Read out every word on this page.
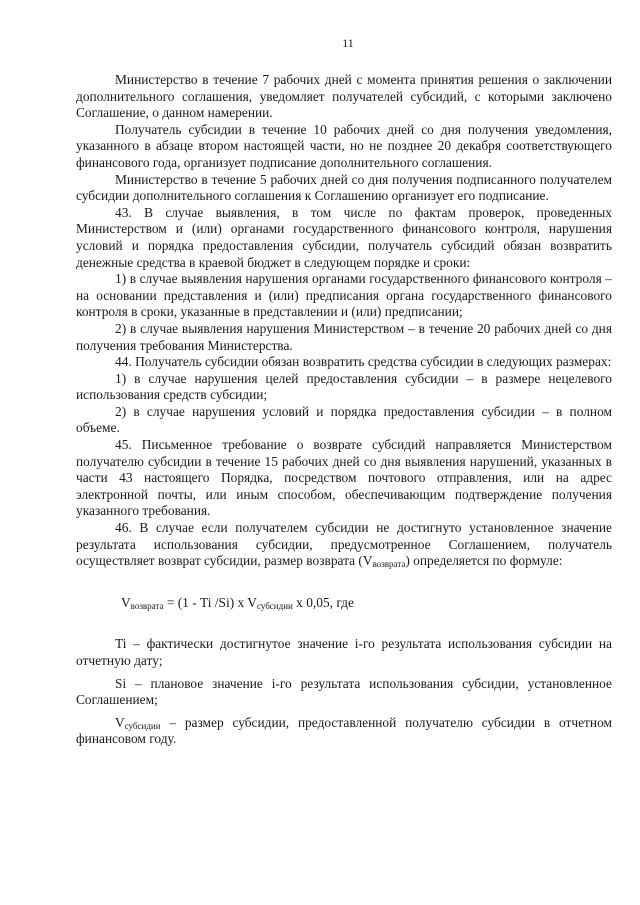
11

Министерство в течение 7 рабочих дней с момента принятия решения о заключении дополнительного соглашения, уведомляет получателей субсидий, с которыми заключено Соглашение, о данном намерении.

Получатель субсидии в течение 10 рабочих дней со дня получения уведомления, указанного в абзаце втором настоящей части, но не позднее 20 декабря соответствующего финансового года, организует подписание дополнительного соглашения.

Министерство в течение 5 рабочих дней со дня получения подписанного получателем субсидии дополнительного соглашения к Соглашению организует его подписание.

43. В случае выявления, в том числе по фактам проверок, проведенных Министерством и (или) органами государственного финансового контроля, нарушения условий и порядка предоставления субсидии, получатель субсидий обязан возвратить денежные средства в краевой бюджет в следующем порядке и сроки:

1) в случае выявления нарушения органами государственного финансового контроля – на основании представления и (или) предписания органа государственного финансового контроля в сроки, указанные в представлении и (или) предписании;

2) в случае выявления нарушения Министерством – в течение 20 рабочих дней со дня получения требования Министерства.

44. Получатель субсидии обязан возвратить средства субсидии в следующих размерах:

1) в случае нарушения целей предоставления субсидии – в размере нецелевого использования средств субсидии;

2) в случае нарушения условий и порядка предоставления субсидии – в полном объеме.

45. Письменное требование о возврате субсидий направляется Министерством получателю субсидии в течение 15 рабочих дней со дня выявления нарушений, указанных в части 43 настоящего Порядка, посредством почтового отправления, или на адрес электронной почты, или иным способом, обеспечивающим подтверждение получения указанного требования.

46. В случае если получателем субсидии не достигнуто установленное значение результата использования субсидии, предусмотренное Соглашением, получатель осуществляет возврат субсидии, размер возврата $(V_{возврата})$ определяется по формуле:

$V_{возврата} = (1 - Ti$ /Si) x $V_{субсидии}$ x 0,05, где

Ti – фактически достигнутое значение i-го результата использования субсидии на отчетную дату;

Si – плановое значение i-го результата использования субсидии, установленное Соглашением;

$V_{субсидии}$ – размер субсидии, предоставленной получателю субсидии в отчетном финансовом году.
